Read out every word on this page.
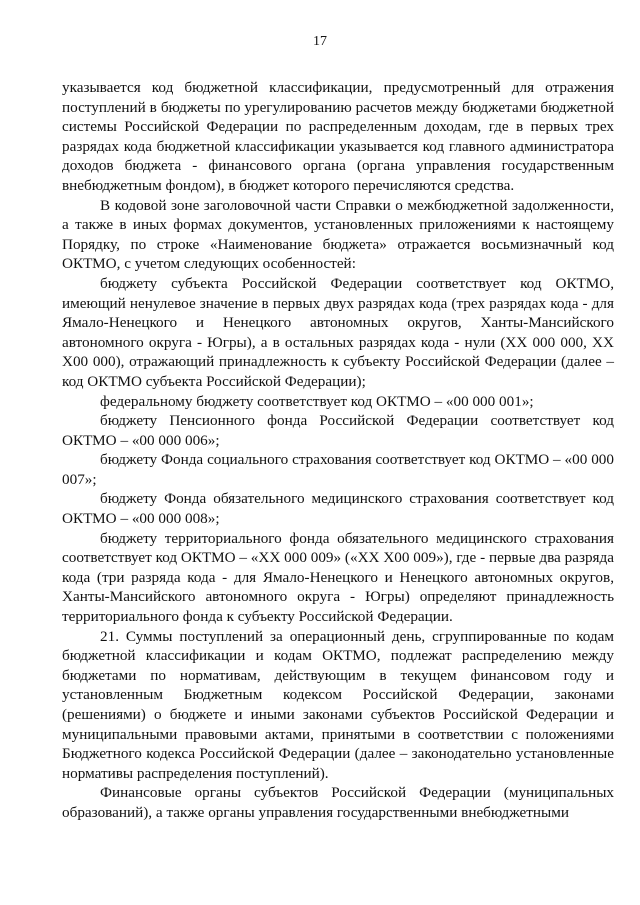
17

указывается код бюджетной классификации, предусмотренный для отражения поступлений в бюджеты по урегулированию расчетов между бюджетами бюджетной системы Российской Федерации по распределенным доходам, где в первых трех разрядах кода бюджетной классификации указывается код главного администратора доходов бюджета - финансового органа (органа управления государственным внебюджетным фондом), в бюджет которого перечисляются средства.

В кодовой зоне заголовочной части Справки о межбюджетной задолженности, а также в иных формах документов, установленных приложениями к настоящему Порядку, по строке «Наименование бюджета» отражается восьмизначный код ОКТМО, с учетом следующих особенностей:

бюджету субъекта Российской Федерации соответствует код ОКТМО, имеющий ненулевое значение в первых двух разрядах кода (трех разрядах кода - для Ямало-Ненецкого и Ненецкого автономных округов, Ханты-Мансийского автономного округа - Югры), а в остальных разрядах кода - нули (XX 000 000, XX X00 000), отражающий принадлежность к субъекту Российской Федерации (далее – код ОКТМО субъекта Российской Федерации);

федеральному бюджету соответствует код ОКТМО – «00 000 001»;

бюджету Пенсионного фонда Российской Федерации соответствует код ОКТМО – «00 000 006»;

бюджету Фонда социального страхования соответствует код ОКТМО – «00 000 007»;

бюджету Фонда обязательного медицинского страхования соответствует код ОКТМО – «00 000 008»;

бюджету территориального фонда обязательного медицинского страхования соответствует код ОКТМО – «XX 000 009» («XX X00 009»), где - первые два разряда кода (три разряда кода - для Ямало-Ненецкого и Ненецкого автономных округов, Ханты-Мансийского автономного округа - Югры) определяют принадлежность территориального фонда к субъекту Российской Федерации.

21. Суммы поступлений за операционный день, сгруппированные по кодам бюджетной классификации и кодам ОКТМО, подлежат распределению между бюджетами по нормативам, действующим в текущем финансовом году и установленным Бюджетным кодексом Российской Федерации, законами (решениями) о бюджете и иными законами субъектов Российской Федерации и муниципальными правовыми актами, принятыми в соответствии с положениями Бюджетного кодекса Российской Федерации (далее – законодательно установленные нормативы распределения поступлений).

Финансовые органы субъектов Российской Федерации (муниципальных образований), а также органы управления государственными внебюджетными
